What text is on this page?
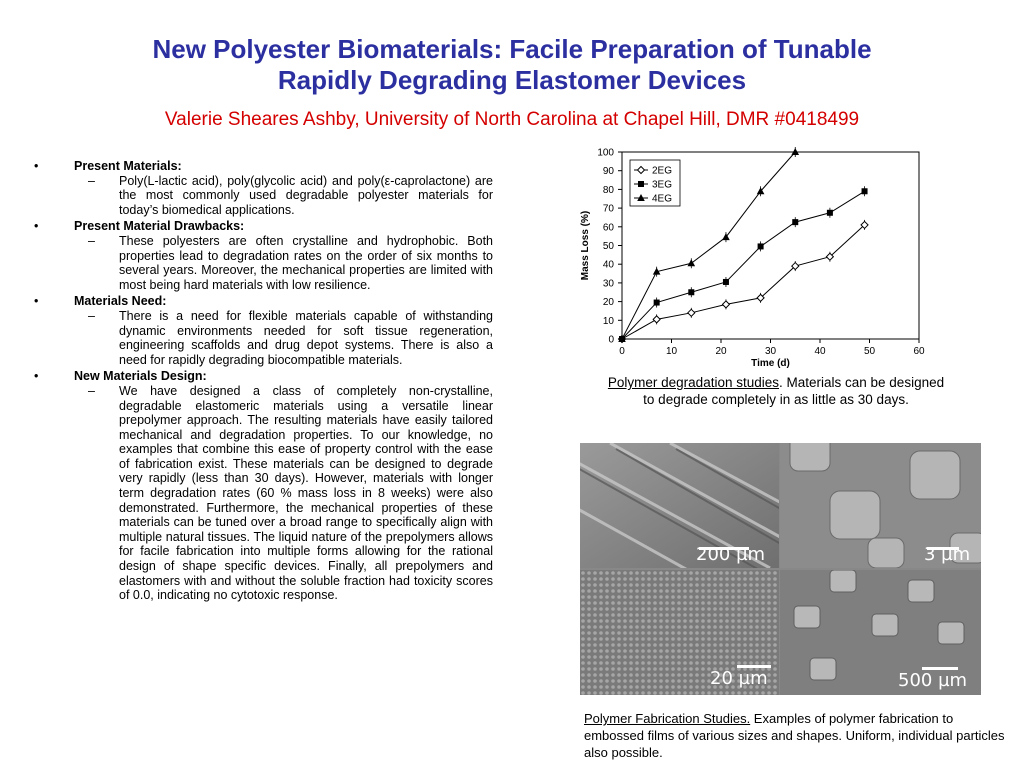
New Polyester Biomaterials: Facile Preparation of Tunable
Rapidly Degrading Elastomer Devices
Valerie Sheares Ashby, University of North Carolina at Chapel Hill, DMR #0418499
•	Present Materials:
– Poly(L-lactic acid), poly(glycolic acid) and poly(ε-caprolactone) are the most commonly used degradable polyester materials for today’s biomedical applications.
•	Present Material Drawbacks:
– These polyesters are often crystalline and hydrophobic. Both properties lead to degradation rates on the order of six months to several years. Moreover, the mechanical properties are limited with most being hard materials with low resilience.
•	Materials Need:
– There is a need for flexible materials capable of withstanding dynamic environments needed for soft tissue regeneration, engineering scaffolds and drug depot systems. There is also a need for rapidly degrading biocompatible materials.
•	New Materials Design:
– We have designed a class of completely non-crystalline, degradable elastomeric materials using a versatile linear prepolymer approach. The resulting materials have easily tailored mechanical and degradation properties. To our knowledge, no examples that combine this ease of property control with the ease of fabrication exist. These materials can be designed to degrade very rapidly (less than 30 days). However, materials with longer term degradation rates (60 % mass loss in 8 weeks) were also demonstrated. Furthermore, the mechanical properties of these materials can be tuned over a broad range to specifically align with multiple natural tissues. The liquid nature of the prepolymers allows for facile fabrication into multiple forms allowing for the rational design of shape specific devices. Finally, all prepolymers and elastomers with and without the soluble fraction had toxicity scores of 0.0, indicating no cytotoxic response.
0
10
20
30
40
50
60
70
80
90
100
0	10	20	30	40	50	60
Time (d)
Mass Loss (%)
2EG
3EG
4EG
Polymer degradation studies. Materials can be designed to degrade completely in as little as 30 days.
200 µm	3 µm
20 µm	500 µm
Polymer Fabrication Studies. Examples of polymer fabrication to embossed films of various sizes and shapes. Uniform, individual particles also possible.
